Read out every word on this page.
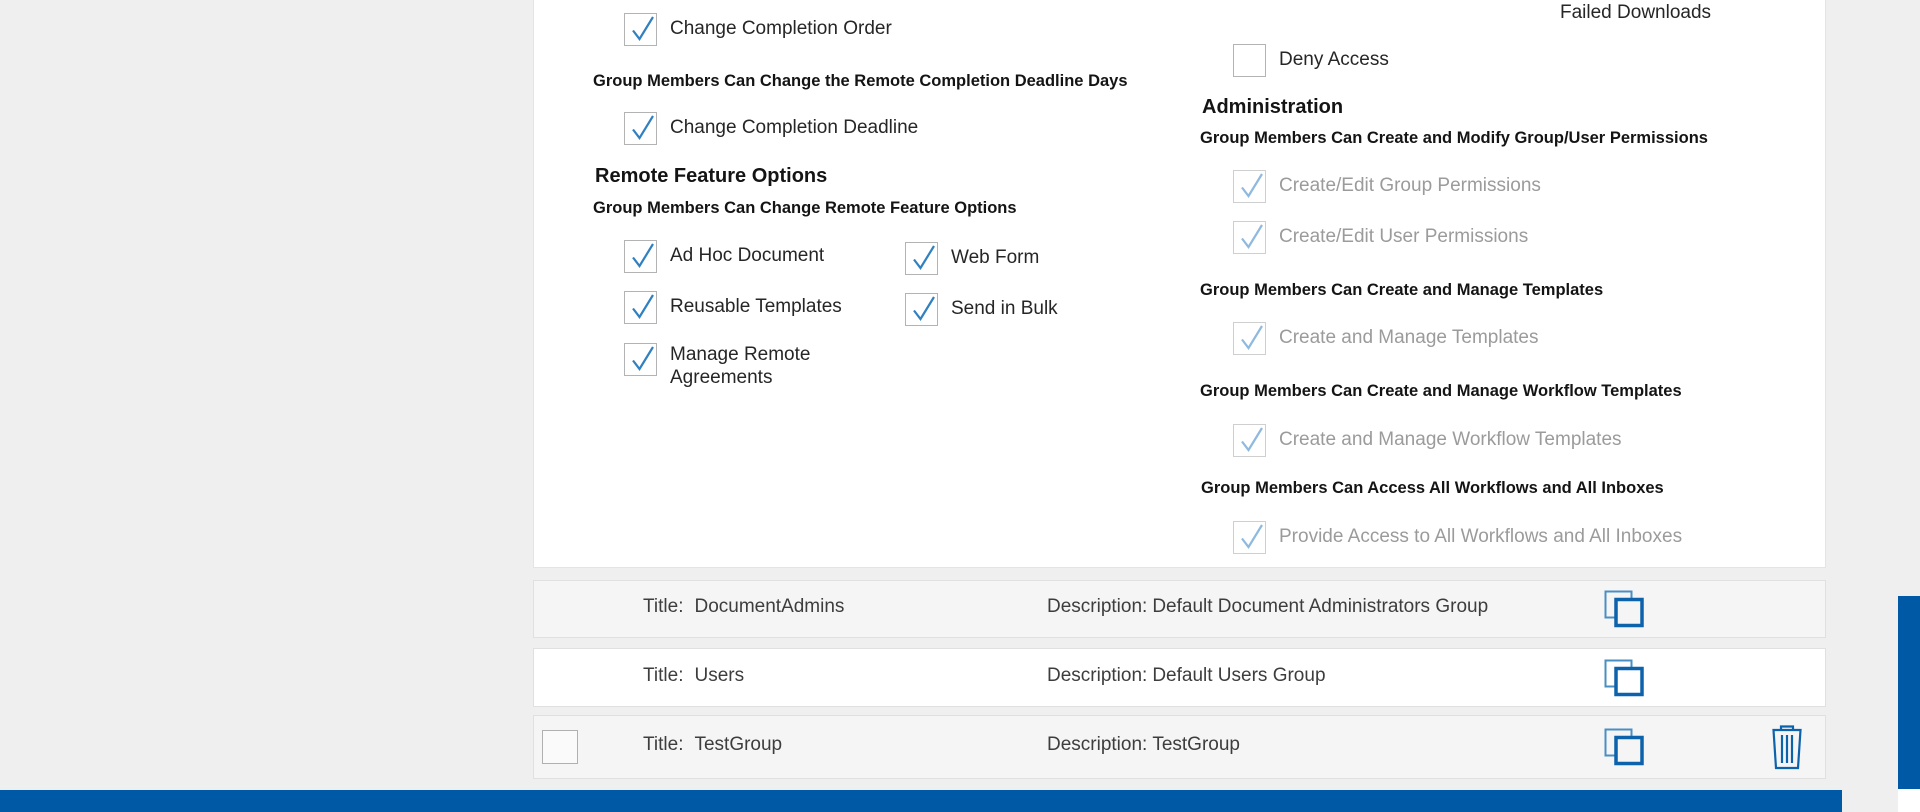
Change Completion Order
Group Members Can Change the Remote Completion Deadline Days
Change Completion Deadline
Remote Feature Options
Group Members Can Change Remote Feature Options
Ad Hoc Document	Web Form
Reusable Templates	Send in Bulk
Manage Remote Agreements
Failed Downloads
Deny Access
Administration
Group Members Can Create and Modify Group/User Permissions
Create/Edit Group Permissions
Create/Edit User Permissions
Group Members Can Create and Manage Templates
Create and Manage Templates
Group Members Can Create and Manage Workflow Templates
Create and Manage Workflow Templates
Group Members Can Access All Workflows and All Inboxes
Provide Access to All Workflows and All Inboxes
Title: DocumentAdmins	Description: Default Document Administrators Group
Title: Users	Description: Default Users Group
Title: TestGroup	Description: TestGroup
